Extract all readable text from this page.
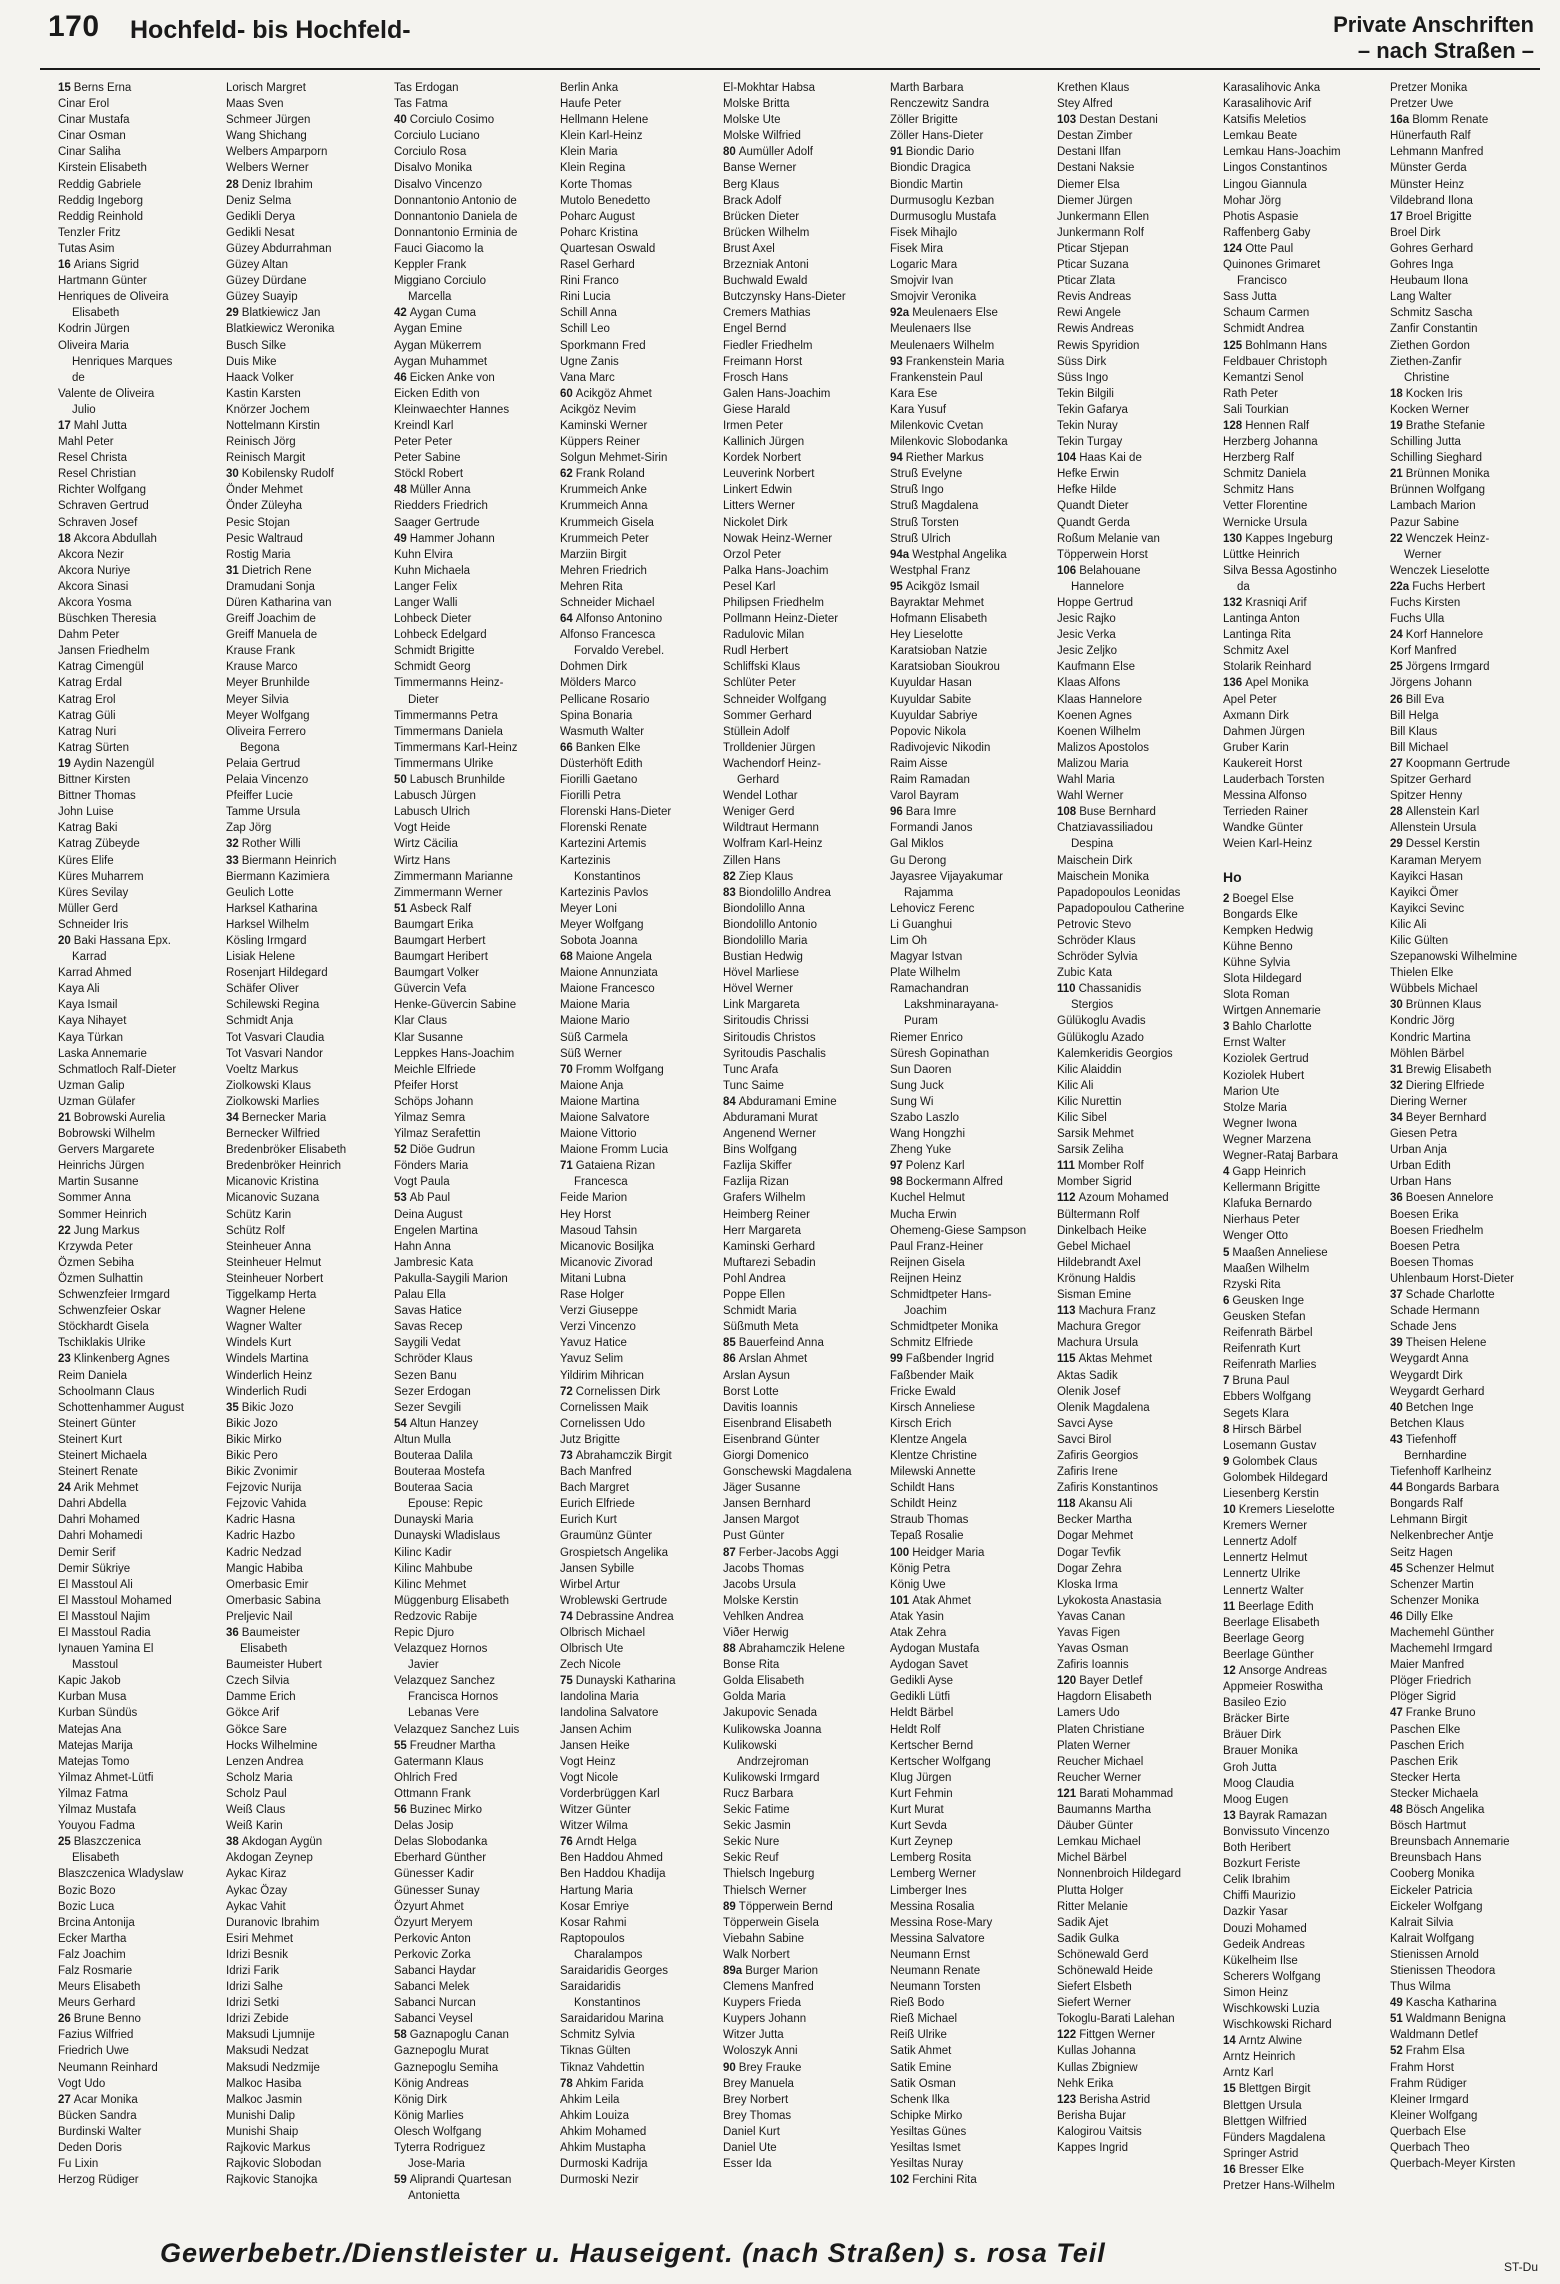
170 Hochfeld- bis Hochfeld-	Private Anschriften
– nach Straßen –
15 Berns Erna
Cinar Erol
Cinar Mustafa
Cinar Osman
Cinar Saliha
Kirstein Elisabeth
Reddig Gabriele
Reddig Ingeborg
Reddig Reinhold
Tenzler Fritz
Tutas Asim
16 Arians Sigrid
Hartmann Günter
Henriques de Oliveira
Elisabeth
Kodrin Jürgen
Oliveira Maria
Henriques Marques
de
Valente de Oliveira
Julio
17 Mahl Jutta
Mahl Peter
Resel Christa
Resel Christian
Richter Wolfgang
Schraven Gertrud
Schraven Josef
18 Akcora Abdullah
Akcora Nezir
Akcora Nuriye
Akcora Sinasi
Akcora Yosma
Büschken Theresia
Dahm Peter
Jansen Friedhelm
Katrag Cimengül
Katrag Erdal
Katrag Erol
Katrag Güli
Katrag Nuri
Katrag Sürten
19 Aydin Nazengül
Bittner Kirsten
Bittner Thomas
John Luise
Katrag Baki
Katrag Zübeyde
Küres Elife
Küres Muharrem
Küres Sevilay
Müller Gerd
Schneider Iris
20 Baki Hassana Epx.
Karrad
Karrad Ahmed
Kaya Ali
Kaya Ismail
Kaya Nihayet
Kaya Türkan
Laska Annemarie
Schmatloch Ralf-Dieter
Uzman Galip
Uzman Gülafer
21 Bobrowski Aurelia
Bobrowski Wilhelm
Gervers Margarete
Heinrichs Jürgen
Martin Susanne
Sommer Anna
Sommer Heinrich
22 Jung Markus
Krzywda Peter
Özmen Sebiha
Özmen Sulhattin
Schwenzfeier Irmgard
Schwenzfeier Oskar
Stöckhardt Gisela
Tschiklakis Ulrike
23 Klinkenberg Agnes
Reim Daniela
Schoolmann Claus
Schottenhammer August
Steinert Günter
Steinert Kurt
Steinert Michaela
Steinert Renate
24 Arik Mehmet
Dahri Abdella
Dahri Mohamed
Dahri Mohamedi
Demir Serif
Demir Sükriye
El Masstoul Ali
El Masstoul Mohamed
El Masstoul Najim
El Masstoul Radia
Iynauen Yamina El
Masstoul
Kapic Jakob
Kurban Musa
Kurban Sündüs
Matejas Ana
Matejas Marija
Matejas Tomo
Yilmaz Ahmet-Lütfi
Yilmaz Fatma
Yilmaz Mustafa
Youyou Fadma
25 Blaszczenica
Elisabeth
Blaszczenica Wladyslaw
Bozic Bozo
Bozic Luca
Brcina Antonija
Ecker Martha
Falz Joachim
Falz Rosmarie
Meurs Elisabeth
Meurs Gerhard
26 Brune Benno
Fazius Wilfried
Friedrich Uwe
Neumann Reinhard
Vogt Udo
27 Acar Monika
Bücken Sandra
Burdinski Walter
Deden Doris
Fu Lixin
Herzog Rüdiger
Lorisch Margret
Maas Sven
Schmeer Jürgen
Wang Shichang
Welbers Amparporn
Welbers Werner
28 Deniz Ibrahim
Deniz Selma
Gedikli Derya
Gedikli Nesat
Güzey Abdurrahman
Güzey Altan
Güzey Dürdane
Güzey Suayip
29 Blatkiewicz Jan
Blatkiewicz Weronika
Busch Silke
Duis Mike
Haack Volker
Kastin Karsten
Knörzer Jochem
Nottelmann Kirstin
Reinisch Jörg
Reinisch Margit
30 Kobilensky Rudolf
Önder Mehmet
Önder Züleyha
Pesic Stojan
Pesic Waltraud
Rostig Maria
31 Dietrich Rene
Dramudani Sonja
Düren Katharina van
Greiff Joachim de
Greiff Manuela de
Krause Frank
Krause Marco
Meyer Brunhilde
Meyer Silvia
Meyer Wolfgang
Oliveira Ferrero
Begona
Pelaia Gertrud
Pelaia Vincenzo
Pfeiffer Lucie
Tamme Ursula
Zap Jörg
32 Rother Willi
33 Biermann Heinrich
Biermann Kazimiera
Geulich Lotte
Harksel Katharina
Harksel Wilhelm
Kösling Irmgard
Lisiak Helene
Rosenjart Hildegard
Schäfer Oliver
Schilewski Regina
Schmidt Anja
Tot Vasvari Claudia
Tot Vasvari Nandor
Voeltz Markus
Ziolkowski Klaus
Ziolkowski Marlies
34 Bernecker Maria
Bernecker Wilfried
Bredenbröker Elisabeth
Bredenbröker Heinrich
Micanovic Kristina
Micanovic Suzana
Schütz Karin
Schütz Rolf
Steinheuer Anna
Steinheuer Helmut
Steinheuer Norbert
Tiggelkamp Herta
Wagner Helene
Wagner Walter
Windels Kurt
Windels Martina
Winderlich Heinz
Winderlich Rudi
35 Bikic Jozo
Bikic Jozo
Bikic Mirko
Bikic Pero
Bikic Zvonimir
Fejzovic Nurija
Fejzovic Vahida
Kadric Hasna
Kadric Hazbo
Kadric Nedzad
Mangic Habiba
Omerbasic Emir
Omerbasic Sabina
Preljevic Nail
36 Baumeister
Elisabeth
Baumeister Hubert
Czech Silvia
Damme Erich
Gökce Arif
Gökce Sare
Hocks Wilhelmine
Lenzen Andrea
Scholz Maria
Scholz Paul
Weiß Claus
Weiß Karin
38 Akdogan Aygün
Akdogan Zeynep
Aykac Kiraz
Aykac Özay
Aykac Vahit
Duranovic Ibrahim
Esiri Mehmet
Idrizi Besnik
Idrizi Farik
Idrizi Salhe
Idrizi Setki
Idrizi Zebide
Maksudi Ljumnije
Maksudi Nedzat
Maksudi Nedzmije
Malkoc Hasiba
Malkoc Jasmin
Munishi Dalip
Munishi Shaip
Rajkovic Markus
Rajkovic Slobodan
Rajkovic Stanojka
Tas Erdogan
Tas Fatma
40 Corciulo Cosimo
Corciulo Luciano
Corciulo Rosa
Disalvo Monika
Disalvo Vincenzo
Donnantonio Antonio de
Donnantonio Daniela de
Donnantonio Erminia de
Fauci Giacomo la
Keppler Frank
Miggiano Corciulo
Marcella
42 Aygan Cuma
Aygan Emine
Aygan Mükerrem
Aygan Muhammet
46 Eicken Anke von
Eicken Edith von
Kleinwaechter Hannes
Kreindl Karl
Peter Peter
Peter Sabine
Stöckl Robert
48 Müller Anna
Riedders Friedrich
Saager Gertrude
49 Hammer Johann
Kuhn Elvira
Kuhn Michaela
Langer Felix
Langer Walli
Lohbeck Dieter
Lohbeck Edelgard
Schmidt Brigitte
Schmidt Georg
Timmermanns Heinz-
Dieter
Timmermanns Petra
Timmermans Daniela
Timmermans Karl-Heinz
Timmermans Ulrike
50 Labusch Brunhilde
Labusch Jürgen
Labusch Ulrich
Vogt Heide
Wirtz Cäcilia
Wirtz Hans
Zimmermann Marianne
Zimmermann Werner
51 Asbeck Ralf
Baumgart Erika
Baumgart Herbert
Baumgart Heribert
Baumgart Volker
Güvercin Vefa
Henke-Güvercin Sabine
Klar Claus
Klar Susanne
Leppkes Hans-Joachim
Meichle Elfriede
Pfeifer Horst
Schöps Johann
Yilmaz Semra
Yilmaz Serafettin
52 Diöe Gudrun
Fönders Maria
Vogt Paula
53 Ab Paul
Deina August
Engelen Martina
Hahn Anna
Jambresic Kata
Pakulla-Saygili Marion
Palau Ella
Savas Hatice
Savas Recep
Saygili Vedat
Schröder Klaus
Sezen Banu
Sezer Erdogan
Sezer Sevgili
54 Altun Hanzey
Altun Mulla
Bouteraa Dalila
Bouteraa Mostefa
Bouteraa Sacia
Epouse: Repic
Dunayski Maria
Dunayski Wladislaus
Kilinc Kadir
Kilinc Mahbube
Kilinc Mehmet
Müggenburg Elisabeth
Redzovic Rabije
Repic Djuro
Velazquez Hornos
Javier
Velazquez Sanchez
Francisca Hornos
Lebanas Vere
Velazquez Sanchez Luis
55 Freudner Martha
Gatermann Klaus
Ohlrich Fred
Ottmann Frank
56 Buzinec Mirko
Delas Josip
Delas Slobodanka
Eberhard Günther
Günesser Kadir
Günesser Sunay
Özyurt Ahmet
Özyurt Meryem
Perkovic Anton
Perkovic Zorka
Sabanci Haydar
Sabanci Melek
Sabanci Nurcan
Sabanci Veysel
58 Gaznapoglu Canan
Gaznepoglu Murat
Gaznepoglu Semiha
König Andreas
König Dirk
König Marlies
Olesch Wolfgang
Tyterra Rodriguez
Jose-Maria
59 Aliprandi Quartesan
Antonietta
Berlin Anka
Haufe Peter
Hellmann Helene
Klein Karl-Heinz
Klein Maria
Klein Regina
Korte Thomas
Mutolo Benedetto
Poharc August
Poharc Kristina
Quartesan Oswald
Rasel Gerhard
Rini Franco
Rini Lucia
Schill Anna
Schill Leo
Sporkmann Fred
Ugne Zanis
Vana Marc
60 Acikgöz Ahmet
Acikgöz Nevim
Kaminski Werner
Küppers Reiner
Solgun Mehmet-Sirin
62 Frank Roland
Krummeich Anke
Krummeich Anna
Krummeich Gisela
Krummeich Peter
Marziin Birgit
Mehren Friedrich
Mehren Rita
Schneider Michael
64 Alfonso Antonino
Alfonso Francesca
Forvaldo Verebel.
Dohmen Dirk
Mölders Marco
Pellicane Rosario
Spina Bonaria
Wasmuth Walter
66 Banken Elke
Düsterhöft Edith
Fiorilli Gaetano
Fiorilli Petra
Florenski Hans-Dieter
Florenski Renate
Kartezini Artemis
Kartezinis
Konstantinos
Kartezinis Pavlos
Meyer Loni
Meyer Wolfgang
Sobota Joanna
68 Maione Angela
Maione Annunziata
Maione Francesco
Maione Maria
Maione Mario
Süß Carmela
Süß Werner
70 Fromm Wolfgang
Maione Anja
Maione Martina
Maione Salvatore
Maione Vittorio
Maione Fromm Lucia
71 Gataiena Rizan
Francesca
Feide Marion
Hey Horst
Masoud Tahsin
Micanovic Bosiljka
Micanovic Zivorad
Mitani Lubna
Rase Holger
Verzi Giuseppe
Verzi Vincenzo
Yavuz Hatice
Yavuz Selim
Yildirim Mihrican
72 Cornelissen Dirk
Cornelissen Maik
Cornelissen Udo
Jutz Brigitte
73 Abrahamczik Birgit
Bach Manfred
Bach Margret
Eurich Elfriede
Eurich Kurt
Graumünz Günter
Grospietsch Angelika
Jansen Sybille
Wirbel Artur
Wroblewski Gertrude
74 Debrassine Andrea
Olbrisch Michael
Olbrisch Ute
Zech Nicole
75 Dunayski Katharina
Iandolina Maria
Iandolina Salvatore
Jansen Achim
Jansen Heike
Vogt Heinz
Vogt Nicole
Vorderbrüggen Karl
Witzer Günter
Witzer Wilma
76 Arndt Helga
Ben Haddou Ahmed
Ben Haddou Khadija
Hartung Maria
Kosar Emriye
Kosar Rahmi
Raptopoulos
Charalampos
Saraidaridis Georges
Saraidaridis
Konstantinos
Saraidaridou Marina
Schmitz Sylvia
Tiknas Gülten
Tiknaz Vahdettin
78 Ahkim Farida
Ahkim Leila
Ahkim Louiza
Ahkim Mohamed
Ahkim Mustapha
Durmoski Kadrija
Durmoski Nezir
El-Mokhtar Habsa
Molske Britta
Molske Ute
Molske Wilfried
80 Aumüller Adolf
Banse Werner
Berg Klaus
Brack Adolf
Brücken Dieter
Brücken Wilhelm
Brust Axel
Brzezniak Antoni
Buchwald Ewald
Butczynsky Hans-Dieter
Cremers Mathias
Engel Bernd
Fiedler Friedhelm
Freimann Horst
Frosch Hans
Galen Hans-Joachim
Giese Harald
Irmen Peter
Kallinich Jürgen
Kordek Norbert
Leuverink Norbert
Linkert Edwin
Litters Werner
Nickolet Dirk
Nowak Heinz-Werner
Orzol Peter
Palka Hans-Joachim
Pesel Karl
Philipsen Friedhelm
Pollmann Heinz-Dieter
Radulovic Milan
Rudl Herbert
Schliffski Klaus
Schlüter Peter
Schneider Wolfgang
Sommer Gerhard
Stüllein Adolf
Trolldenier Jürgen
Wachendorf Heinz-
Gerhard
Wendel Lothar
Weniger Gerd
Wildtraut Hermann
Wolfram Karl-Heinz
Zillen Hans
82 Ziep Klaus
83 Biondolillo Andrea
Biondolillo Anna
Biondolillo Antonio
Biondolillo Maria
Bustian Hedwig
Hövel Marliese
Hövel Werner
Link Margareta
Siritoudis Chrissi
Siritoudis Christos
Syritoudis Paschalis
Tunc Arafa
Tunc Saime
84 Abduramani Emine
Abduramani Murat
Angenend Werner
Bins Wolfgang
Fazlija Skiffer
Fazlija Rizan
Grafers Wilhelm
Heimberg Reiner
Herr Margareta
Kaminski Gerhard
Muftarezi Sebadin
Pohl Andrea
Poppe Ellen
Schmidt Maria
Süßmuth Meta
85 Bauerfeind Anna
86 Arslan Ahmet
Arslan Aysun
Borst Lotte
Davitis Ioannis
Eisenbrand Elisabeth
Eisenbrand Günter
Giorgi Domenico
Gonschewski Magdalena
Jäger Susanne
Jansen Bernhard
Jansen Margot
Pust Günter
87 Ferber-Jacobs Aggi
Jacobs Thomas
Jacobs Ursula
Molske Kerstin
Vehlken Andrea
Viðer Herwig
88 Abrahamczik Helene
Bonse Rita
Golda Elisabeth
Golda Maria
Jakupovic Senada
Kulikowska Joanna
Kulikowski
Andrzejroman
Kulikowski Irmgard
Rucz Barbara
Sekic Fatime
Sekic Jasmin
Sekic Nure
Sekic Reuf
Thielsch Ingeburg
Thielsch Werner
89 Töpperwein Bernd
Töpperwein Gisela
Viebahn Sabine
Walk Norbert
89a Burger Marion
Clemens Manfred
Kuypers Frieda
Kuypers Johann
Witzer Jutta
Woloszyk Anni
90 Brey Frauke
Brey Manuela
Brey Norbert
Brey Thomas
Daniel Kurt
Daniel Ute
Esser Ida
Marth Barbara
Renczewitz Sandra
Zöller Brigitte
Zöller Hans-Dieter
91 Biondic Dario
Biondic Dragica
Biondic Martin
Durmusoglu Kezban
Durmusoglu Mustafa
Fisek Mihajlo
Fisek Mira
Logaric Mara
Smojvir Ivan
Smojvir Veronika
92a Meulenaers Else
Meulenaers Ilse
Meulenaers Wilhelm
93 Frankenstein Maria
Frankenstein Paul
Kara Ese
Kara Yusuf
Milenkovic Cvetan
Milenkovic Slobodanka
94 Riether Markus
Struß Evelyne
Struß Ingo
Struß Magdalena
Struß Torsten
Struß Ulrich
94a Westphal Angelika
Westphal Franz
95 Acikgöz Ismail
Bayraktar Mehmet
Hofmann Elisabeth
Hey Lieselotte
Karatsioban Natzie
Karatsioban Sioukrou
Kuyuldar Hasan
Kuyuldar Sabite
Kuyuldar Sabriye
Popovic Nikola
Radivojevic Nikodin
Raim Aisse
Raim Ramadan
Varol Bayram
96 Bara Imre
Formandi Janos
Gal Miklos
Gu Derong
Jayasree Vijayakumar
Rajamma
Lehovicz Ferenc
Li Guanghui
Lim Oh
Magyar Istvan
Plate Wilhelm
Ramachandran
Lakshminarayana-
Puram
Riemer Enrico
Süresh Gopinathan
Sun Daoren
Sung Juck
Sung Wi
Szabo Laszlo
Wang Hongzhi
Zheng Yuke
97 Polenz Karl
98 Bockermann Alfred
Kuchel Helmut
Mucha Erwin
Ohemeng-Giese Sampson
Paul Franz-Heiner
Reijnen Gisela
Reijnen Heinz
Schmidtpeter Hans-
Joachim
Schmidtpeter Monika
Schmitz Elfriede
99 Faßbender Ingrid
Faßbender Maik
Fricke Ewald
Kirsch Anneliese
Kirsch Erich
Klentze Angela
Klentze Christine
Milewski Annette
Schildt Hans
Schildt Heinz
Straub Thomas
Tepaß Rosalie
100 Heidger Maria
König Petra
König Uwe
101 Atak Ahmet
Atak Yasin
Atak Zehra
Aydogan Mustafa
Aydogan Savet
Gedikli Ayse
Gedikli Lütfi
Heldt Bärbel
Heldt Rolf
Kertscher Bernd
Kertscher Wolfgang
Klug Jürgen
Kurt Fehmin
Kurt Murat
Kurt Sevda
Kurt Zeynep
Lemberg Rosita
Lemberg Werner
Limberger Ines
Messina Rosalia
Messina Rose-Mary
Messina Salvatore
Neumann Ernst
Neumann Renate
Neumann Torsten
Rieß Bodo
Rieß Michael
Reiß Ulrike
Satik Ahmet
Satik Emine
Satik Osman
Schenk Ilka
Schipke Mirko
Yesiltas Günes
Yesiltas Ismet
Yesiltas Nuray
102 Ferchini Rita
Krethen Klaus
Stey Alfred
103 Destan Destani
Destan Zimber
Destani Ilfan
Destani Naksie
Diemer Elsa
Diemer Jürgen
Junkermann Ellen
Junkermann Rolf
Pticar Stjepan
Pticar Suzana
Pticar Zlata
Revis Andreas
Rewi Angele
Rewis Andreas
Rewis Spyridion
Süss Dirk
Süss Ingo
Tekin Bilgili
Tekin Gafarya
Tekin Nuray
Tekin Turgay
104 Haas Kai de
Hefke Erwin
Hefke Hilde
Quandt Dieter
Quandt Gerda
Roßum Melanie van
Töpperwein Horst
106 Belahouane
Hannelore
Hoppe Gertrud
Jesic Rajko
Jesic Verka
Jesic Zeljko
Kaufmann Else
Klaas Alfons
Klaas Hannelore
Koenen Agnes
Koenen Wilhelm
Malizos Apostolos
Malizou Maria
Wahl Maria
Wahl Werner
108 Buse Bernhard
Chatziavassiliadou
Despina
Maischein Dirk
Maischein Monika
Papadopoulos Leonidas
Papadopoulou Catherine
Petrovic Stevo
Schröder Klaus
Schröder Sylvia
Zubic Kata
110 Chassanidis
Stergios
Gülükoglu Avadis
Gülükoglu Azado
Kalemkeridis Georgios
Kilic Alaiddin
Kilic Ali
Kilic Nurettin
Kilic Sibel
Sarsik Mehmet
Sarsik Zeliha
111 Momber Rolf
Momber Sigrid
112 Azoum Mohamed
Bültermann Rolf
Dinkelbach Heike
Gebel Michael
Hildebrandt Axel
Krönung Haldis
Sisman Emine
113 Machura Franz
Machura Gregor
Machura Ursula
115 Aktas Mehmet
Aktas Sadik
Olenik Josef
Olenik Magdalena
Savci Ayse
Savci Birol
Zafiris Georgios
Zafiris Irene
Zafiris Konstantinos
118 Akansu Ali
Becker Martha
Dogar Mehmet
Dogar Tevfik
Dogar Zehra
Kloska Irma
Lykokosta Anastasia
Yavas Canan
Yavas Figen
Yavas Osman
Zafiris Ioannis
120 Bayer Detlef
Hagdorn Elisabeth
Lamers Udo
Platen Christiane
Platen Werner
Reucher Michael
Reucher Werner
121 Barati Mohammad
Baumanns Martha
Däuber Günter
Lemkau Michael
Michel Bärbel
Nonnenbroich Hildegard
Plutta Holger
Ritter Melanie
Sadik Ajet
Sadik Gulka
Schönewald Gerd
Schönewald Heide
Siefert Elsbeth
Siefert Werner
Tokoglu-Barati Lalehan
122 Fittgen Werner
Kullas Johanna
Kullas Zbigniew
Nehk Erika
123 Berisha Astrid
Berisha Bujar
Kalogirou Vaitsis
Kappes Ingrid
Karasalihovic Anka
Karasalihovic Arif
Katsifis Meletios
Lemkau Beate
Lemkau Hans-Joachim
Lingos Constantinos
Lingou Giannula
Mohar Jörg
Photis Aspasie
Raffenberg Gaby
124 Otte Paul
Quinones Grimaret
Francisco
Sass Jutta
Schaum Carmen
Schmidt Andrea
125 Bohlmann Hans
Feldbauer Christoph
Kemantzi Senol
Rath Peter
Sali Tourkian
128 Hennen Ralf
Herzberg Johanna
Herzberg Ralf
Schmitz Daniela
Schmitz Hans
Vetter Florentine
Wernicke Ursula
130 Kappes Ingeburg
Lüttke Heinrich
Silva Bessa Agostinho
da
132 Krasniqi Arif
Lantinga Anton
Lantinga Rita
Schmitz Axel
Stolarik Reinhard
136 Apel Monika
Apel Peter
Axmann Dirk
Dahmen Jürgen
Gruber Karin
Kaukereit Horst
Lauderbach Torsten
Messina Alfonso
Terrieden Rainer
Wandke Günter
Weien Karl-Heinz
Ho
2 Boegel Else
Bongards Elke
Kempken Hedwig
Kühne Benno
Kühne Sylvia
Slota Hildegard
Slota Roman
Wirtgen Annemarie
3 Bahlo Charlotte
Ernst Walter
Koziolek Gertrud
Koziolek Hubert
Marion Ute
Stolze Maria
Wegner Iwona
Wegner Marzena
Wegner-Rataj Barbara
4 Gapp Heinrich
Kellermann Brigitte
Klafuka Bernardo
Nierhaus Peter
Wenger Otto
5 Maaßen Anneliese
Maaßen Wilhelm
Rzyski Rita
6 Geusken Inge
Geusken Stefan
Reifenrath Bärbel
Reifenrath Kurt
Reifenrath Marlies
7 Bruna Paul
Ebbers Wolfgang
Segets Klara
8 Hirsch Bärbel
Losemann Gustav
9 Golombek Claus
Golombek Hildegard
Liesenberg Kerstin
10 Kremers Lieselotte
Kremers Werner
Lennertz Adolf
Lennertz Helmut
Lennertz Ulrike
Lennertz Walter
11 Beerlage Edith
Beerlage Elisabeth
Beerlage Georg
Beerlage Günther
12 Ansorge Andreas
Appmeier Roswitha
Basileo Ezio
Bräcker Birte
Bräuer Dirk
Brauer Monika
Groh Jutta
Moog Claudia
Moog Eugen
13 Bayrak Ramazan
Bonvissuto Vincenzo
Both Heribert
Bozkurt Feriste
Celik Ibrahim
Chiffi Maurizio
Dazkir Yasar
Douzi Mohamed
Gedeik Andreas
Kükelheim Ilse
Scherers Wolfgang
Simon Heinz
Wischkowski Luzia
Wischkowski Richard
14 Arntz Alwine
Arntz Heinrich
Arntz Karl
15 Blettgen Birgit
Blettgen Ursula
Blettgen Wilfried
Fünders Magdalena
Springer Astrid
16 Bresser Elke
Pretzer Hans-Wilhelm
Pretzer Monika
Pretzer Uwe
16a Blomm Renate
Hünerfauth Ralf
Lehmann Manfred
Münster Gerda
Münster Heinz
Vildebrand Ilona
17 Broel Brigitte
Broel Dirk
Gohres Gerhard
Gohres Inga
Heubaum Ilona
Lang Walter
Schmitz Sascha
Zanfir Constantin
Ziethen Gordon
Ziethen-Zanfir
Christine
18 Kocken Iris
Kocken Werner
19 Brathe Stefanie
Schilling Jutta
Schilling Sieghard
21 Brünnen Monika
Brünnen Wolfgang
Lambach Marion
Pazur Sabine
22 Wenczek Heinz-
Werner
Wenczek Lieselotte
22a Fuchs Herbert
Fuchs Kirsten
Fuchs Ulla
24 Korf Hannelore
Korf Manfred
25 Jörgens Irmgard
Jörgens Johann
26 Bill Eva
Bill Helga
Bill Klaus
Bill Michael
27 Koopmann Gertrude
Spitzer Gerhard
Spitzer Henny
28 Allenstein Karl
Allenstein Ursula
29 Dessel Kerstin
Karaman Meryem
Kayikci Hasan
Kayikci Ömer
Kayikci Sevinc
Kilic Ali
Kilic Gülten
Szepanowski Wilhelmine
Thielen Elke
Wübbels Michael
30 Brünnen Klaus
Kondric Jörg
Kondric Martina
Möhlen Bärbel
31 Brewig Elisabeth
32 Diering Elfriede
Diering Werner
34 Beyer Bernhard
Giesen Petra
Urban Anja
Urban Edith
Urban Hans
36 Boesen Annelore
Boesen Erika
Boesen Friedhelm
Boesen Petra
Boesen Thomas
Uhlenbaum Horst-Dieter
37 Schade Charlotte
Schade Hermann
Schade Jens
39 Theisen Helene
Weygardt Anna
Weygardt Dirk
Weygardt Gerhard
40 Betchen Inge
Betchen Klaus
43 Tiefenhoff
Bernhardine
Tiefenhoff Karlheinz
44 Bongards Barbara
Bongards Ralf
Lehmann Birgit
Nelkenbrecher Antje
Seitz Hagen
45 Schenzer Helmut
Schenzer Martin
Schenzer Monika
46 Dilly Elke
Machemehl Günther
Machemehl Irmgard
Maier Manfred
Plöger Friedrich
Plöger Sigrid
47 Franke Bruno
Paschen Elke
Paschen Erich
Paschen Erik
Stecker Herta
Stecker Michaela
48 Bösch Angelika
Bösch Hartmut
Breunsbach Annemarie
Breunsbach Hans
Cooberg Monika
Eickeler Patricia
Eickeler Wolfgang
Kalrait Silvia
Kalrait Wolfgang
Stienissen Arnold
Stienissen Theodora
Thus Wilma
49 Kascha Katharina
51 Waldmann Benigna
Waldmann Detlef
52 Frahm Elsa
Frahm Horst
Frahm Rüdiger
Kleiner Irmgard
Kleiner Wolfgang
Querbach Else
Querbach Theo
Querbach-Meyer Kirsten
Gewerbebetr./Dienstleister u. Hauseigent. (nach Straßen) s. rosa Teil	ST-Du
